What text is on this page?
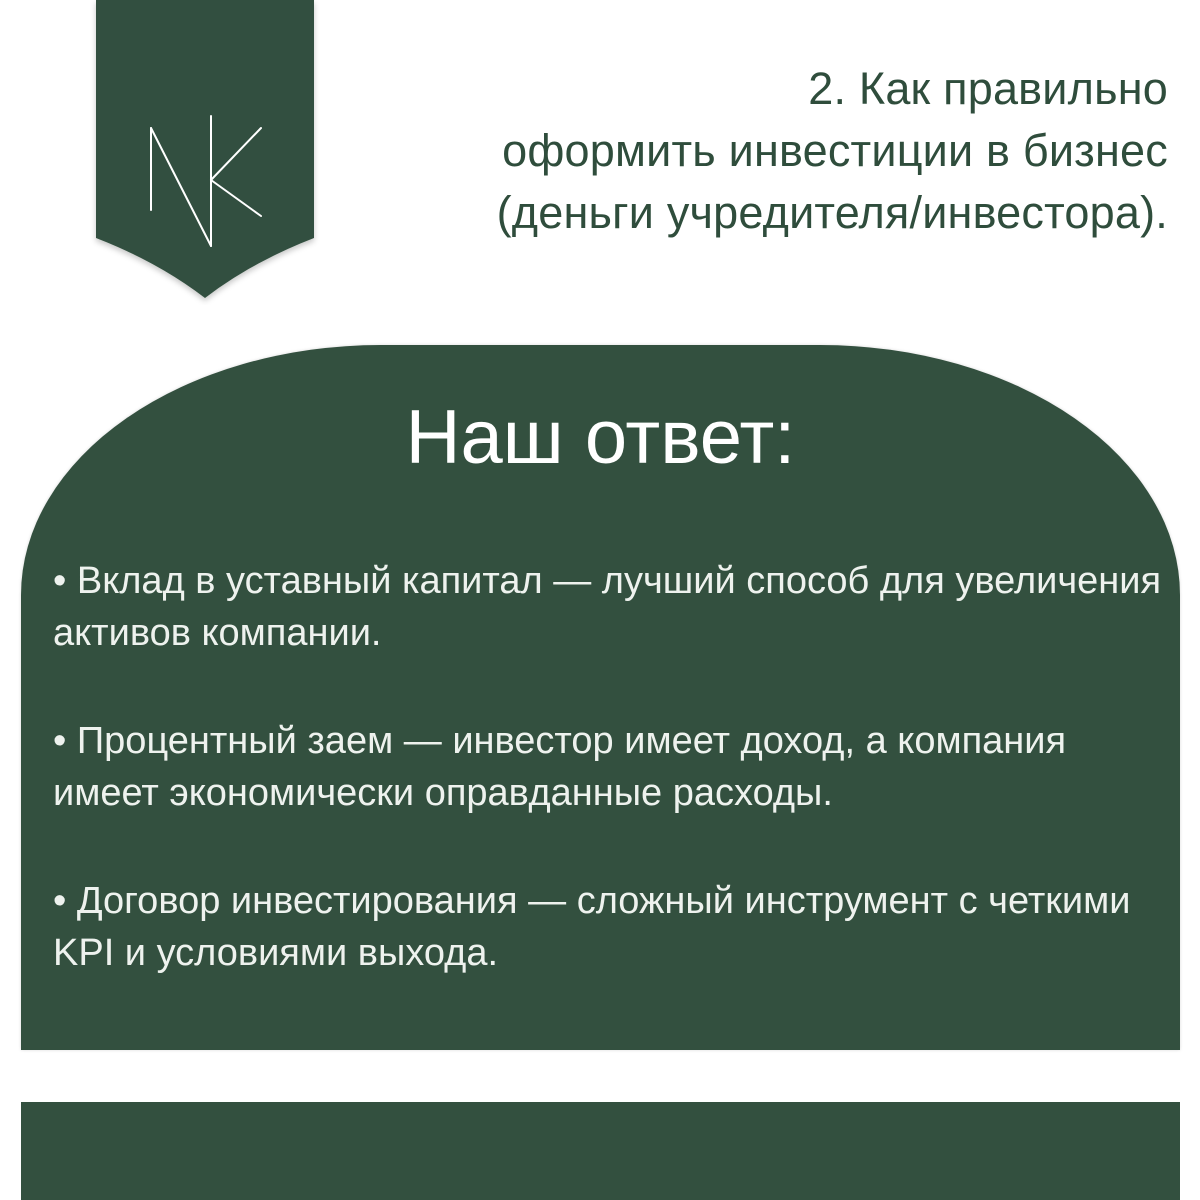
2. Как правильно
оформить инвестиции в бизнес
(деньги учредителя/инвестора).
Наш ответ:
• Вклад в уставный капитал — лучший способ для увеличения активов компании.
• Процентный заем — инвестор имеет доход, а компания имеет экономически оправданные расходы.
• Договор инвестирования — сложный инструмент с четкими KPI и условиями выхода.
